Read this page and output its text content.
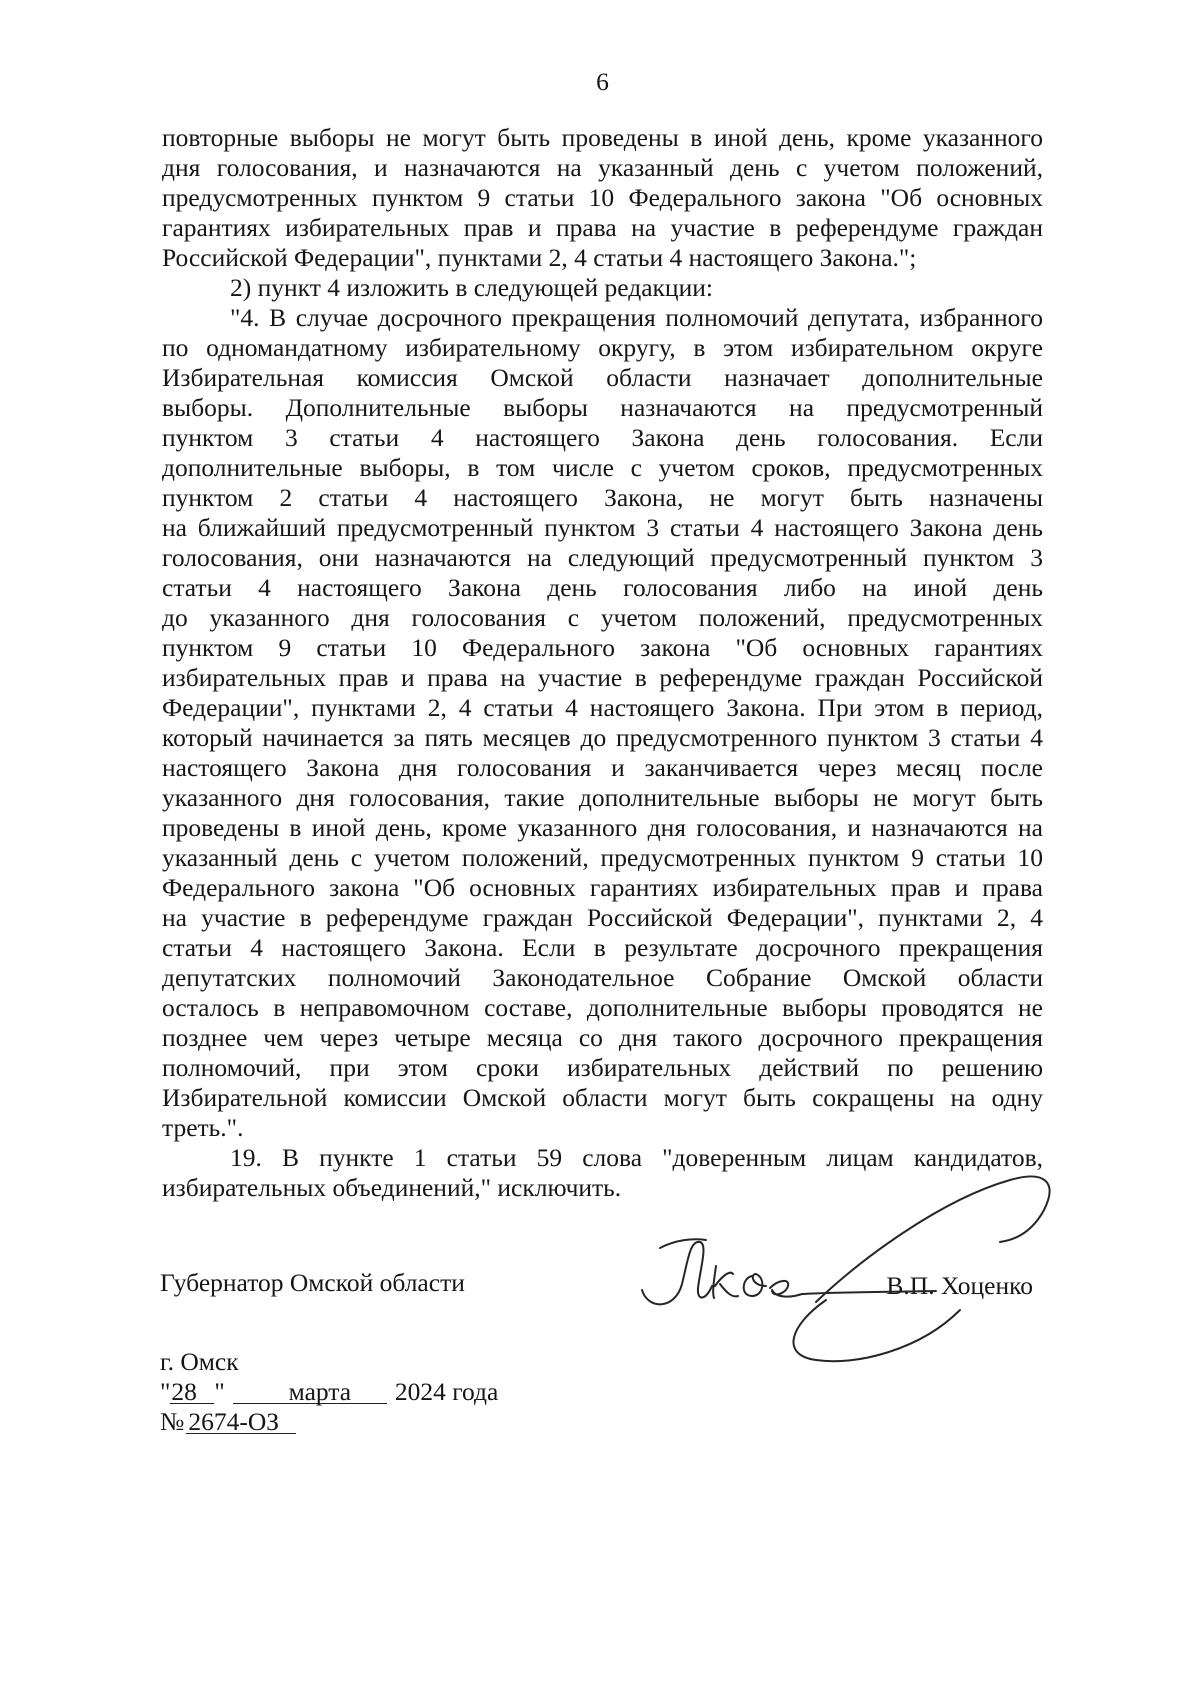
6
повторные выборы не могут быть проведены в иной день, кроме указанного
дня голосования, и назначаются на указанный день с учетом положений,
предусмотренных пунктом 9 статьи 10 Федерального закона "Об основных
гарантиях избирательных прав и права на участие в референдуме граждан
Российской Федерации", пунктами 2, 4 статьи 4 настоящего Закона.";
2) пункт 4 изложить в следующей редакции:
"4. В случае досрочного прекращения полномочий депутата, избранного
по одномандатному избирательному округу, в этом избирательном округе
Избирательная комиссия Омской области назначает дополнительные
выборы. Дополнительные выборы назначаются на предусмотренный
пунктом 3 статьи 4 настоящего Закона день голосования. Если
дополнительные выборы, в том числе с учетом сроков, предусмотренных
пунктом 2 статьи 4 настоящего Закона, не могут быть назначены
на ближайший предусмотренный пунктом 3 статьи 4 настоящего Закона день
голосования, они назначаются на следующий предусмотренный пунктом 3
статьи 4 настоящего Закона день голосования либо на иной день
до указанного дня голосования с учетом положений, предусмотренных
пунктом 9 статьи 10 Федерального закона "Об основных гарантиях
избирательных прав и права на участие в референдуме граждан Российской
Федерации", пунктами 2, 4 статьи 4 настоящего Закона. При этом в период,
который начинается за пять месяцев до предусмотренного пунктом 3 статьи 4
настоящего Закона дня голосования и заканчивается через месяц после
указанного дня голосования, такие дополнительные выборы не могут быть
проведены в иной день, кроме указанного дня голосования, и назначаются на
указанный день с учетом положений, предусмотренных пунктом 9 статьи 10
Федерального закона "Об основных гарантиях избирательных прав и права
на участие в референдуме граждан Российской Федерации", пунктами 2, 4
статьи 4 настоящего Закона. Если в результате досрочного прекращения
депутатских полномочий Законодательное Собрание Омской области
осталось в неправомочном составе, дополнительные выборы проводятся не
позднее чем через четыре месяца со дня такого досрочного прекращения
полномочий, при этом сроки избирательных действий по решению
Избирательной комиссии Омской области могут быть сокращены на одну
треть.".
19. В пункте 1 статьи 59 слова "доверенным лицам кандидатов,
избирательных объединений," исключить.
Губернатор Омской области	В.П. Хоценко
г. Омск
" 28 "	марта	2024 года
№ 2674-ОЗ
